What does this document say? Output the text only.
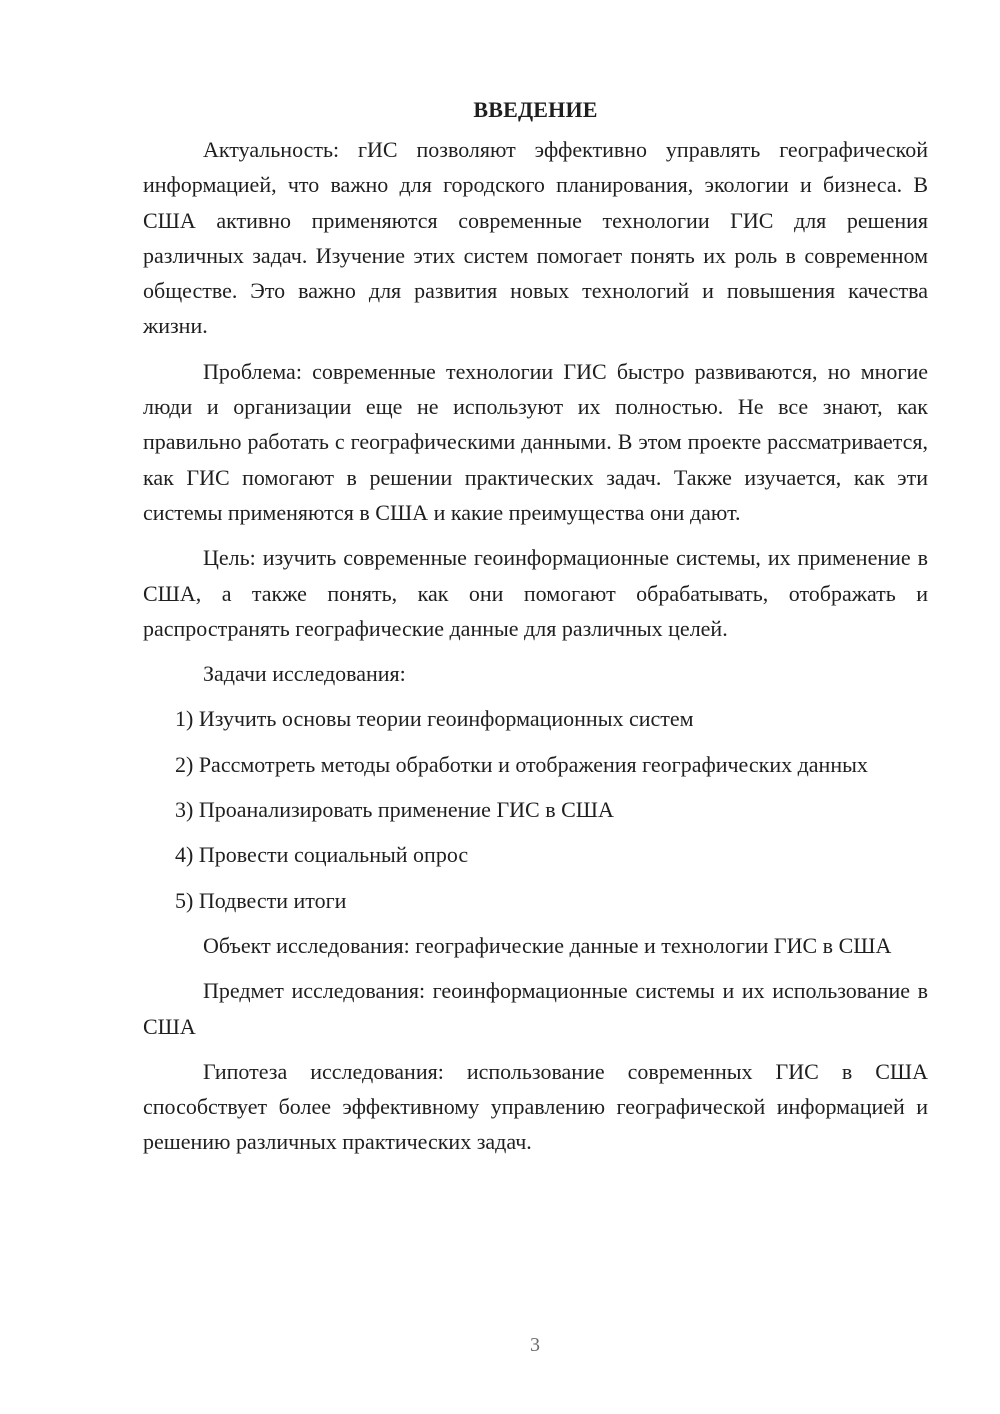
ВВЕДЕНИЕ

Актуальность: гИС позволяют эффективно управлять географической информацией, что важно для городского планирования, экологии и бизнеса. В США активно применяются современные технологии ГИС для решения различных задач. Изучение этих систем помогает понять их роль в современном обществе. Это важно для развития новых технологий и повышения качества жизни.

Проблема: современные технологии ГИС быстро развиваются, но многие люди и организации еще не используют их полностью. Не все знают, как правильно работать с географическими данными. В этом проекте рассматривается, как ГИС помогают в решении практических задач. Также изучается, как эти системы применяются в США и какие преимущества они дают.

Цель: изучить современные геоинформационные системы, их применение в США, а также понять, как они помогают обрабатывать, отображать и распространять географические данные для различных целей.

Задачи исследования:

1) Изучить основы теории геоинформационных систем

2) Рассмотреть методы обработки и отображения географических данных

3) Проанализировать применение ГИС в США

4) Провести социальный опрос

5) Подвести итоги

Объект исследования: географические данные и технологии ГИС в США

Предмет исследования: геоинформационные системы и их использование в США

Гипотеза исследования: использование современных ГИС в США способствует более эффективному управлению географической информацией и решению различных практических задач.

3
